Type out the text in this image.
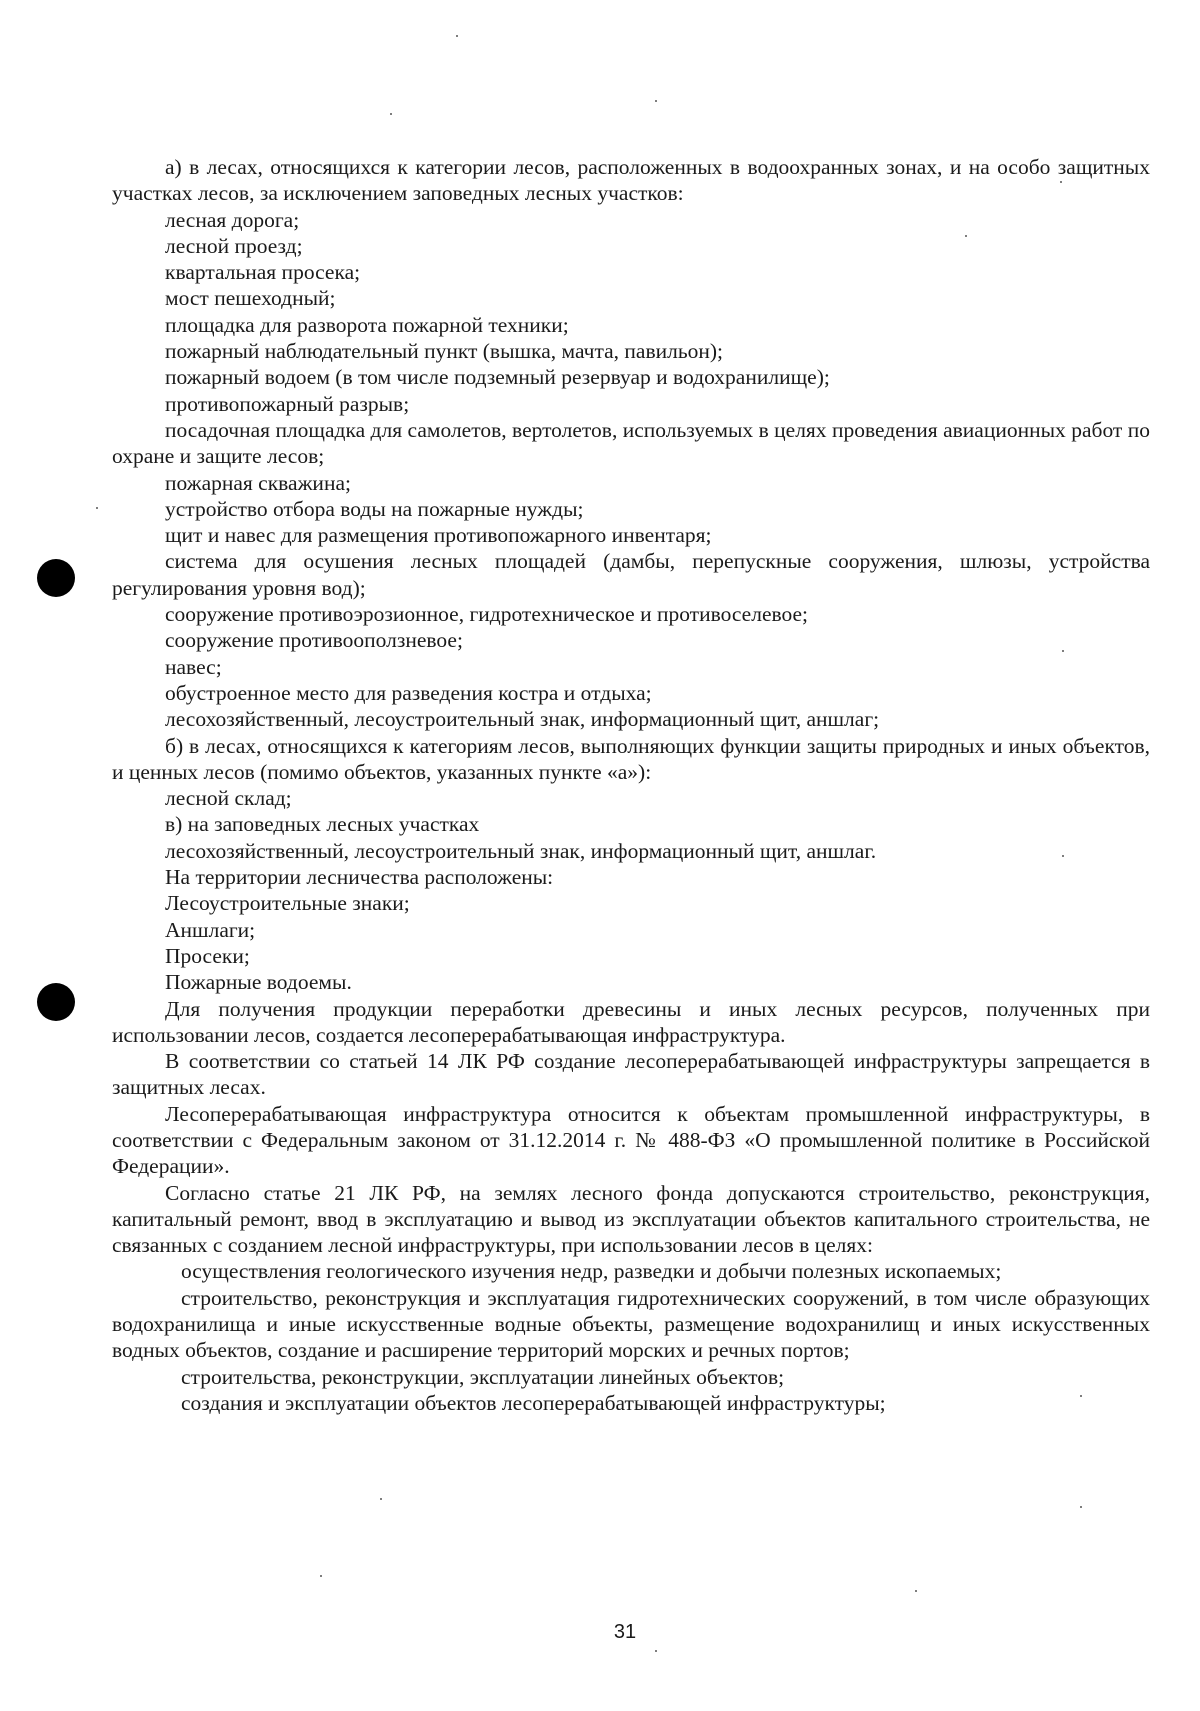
а) в лесах, относящихся к категории лесов, расположенных в водоохранных зонах, и на особо защитных участках лесов, за исключением заповедных лесных участков:

лесная дорога;

лесной проезд;

квартальная просека;

мост пешеходный;

площадка для разворота пожарной техники;

пожарный наблюдательный пункт (вышка, мачта, павильон);

пожарный водоем (в том числе подземный резервуар и водохранилище);

противопожарный разрыв;

посадочная площадка для самолетов, вертолетов, используемых в целях проведения авиационных работ по охране и защите лесов;

пожарная скважина;

устройство отбора воды на пожарные нужды;

щит и навес для размещения противопожарного инвентаря;

система для осушения лесных площадей (дамбы, перепускные сооружения, шлюзы, устройства регулирования уровня вод);

сооружение противоэрозионное, гидротехническое и противоселевое;

сооружение противооползневое;

навес;

обустроенное место для разведения костра и отдыха;

лесохозяйственный, лесоустроительный знак, информационный щит, аншлаг;

б) в лесах, относящихся к категориям лесов, выполняющих функции защиты природных и иных объектов, и ценных лесов (помимо объектов, указанных пункте «а»):

лесной склад;

в) на заповедных лесных участках

лесохозяйственный, лесоустроительный знак, информационный щит, аншлаг.

На территории лесничества расположены:

Лесоустроительные знаки;

Аншлаги;

Просеки;

Пожарные водоемы.

Для получения продукции переработки древесины и иных лесных ресурсов, полученных при использовании лесов, создается лесоперерабатывающая инфраструктура.

В соответствии со статьей 14 ЛК РФ создание лесоперерабатывающей инфраструктуры запрещается в защитных лесах.

Лесоперерабатывающая инфраструктура относится к объектам промышленной инфраструктуры, в соответствии с Федеральным законом от 31.12.2014 г. № 488-ФЗ «О промышленной политике в Российской Федерации».

Согласно статье 21 ЛК РФ, на землях лесного фонда допускаются строительство, реконструкция, капитальный ремонт, ввод в эксплуатацию и вывод из эксплуатации объектов капитального строительства, не связанных с созданием лесной инфраструктуры, при использовании лесов в целях:

осуществления геологического изучения недр, разведки и добычи полезных ископаемых;

строительство, реконструкция и эксплуатация гидротехнических сооружений, в том числе образующих водохранилища и иные искусственные водные объекты, размещение водохранилищ и иных искусственных водных объектов, создание и расширение территорий морских и речных портов;

строительства, реконструкции, эксплуатации линейных объектов;

создания и эксплуатации объектов лесоперерабатывающей инфраструктуры;

31
